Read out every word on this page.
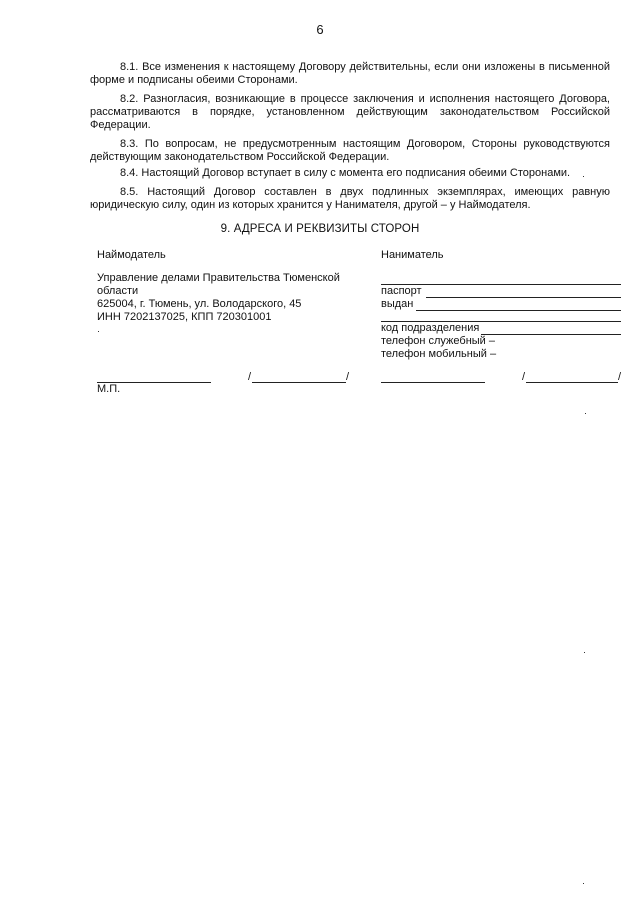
6
8.1. Все изменения к настоящему Договору действительны, если они изложены в письменной форме и подписаны обеими Сторонами.
8.2. Разногласия, возникающие в процессе заключения и исполнения настоящего Договора, рассматриваются в порядке, установленном действующим законодательством Российской Федерации.
8.3. По вопросам, не предусмотренным настоящим Договором, Стороны руководствуются действующим законодательством Российской Федерации.
8.4. Настоящий Договор вступает в силу с момента его подписания обеими Сторонами.
8.5. Настоящий Договор составлен в двух подлинных экземплярах, имеющих равную юридическую силу, один из которых хранится у Нанимателя, другой – у Наймодателя.
9. АДРЕСА И РЕКВИЗИТЫ СТОРОН
Наймодатель
Управление делами Правительства Тюменской
области
625004, г. Тюмень, ул. Володарского, 45
ИНН 7202137025, КПП 720301001
Наниматель
паспорт
выдан
код подразделения
телефон служебный –
телефон мобильный –
/	/
М.П.
/	/
